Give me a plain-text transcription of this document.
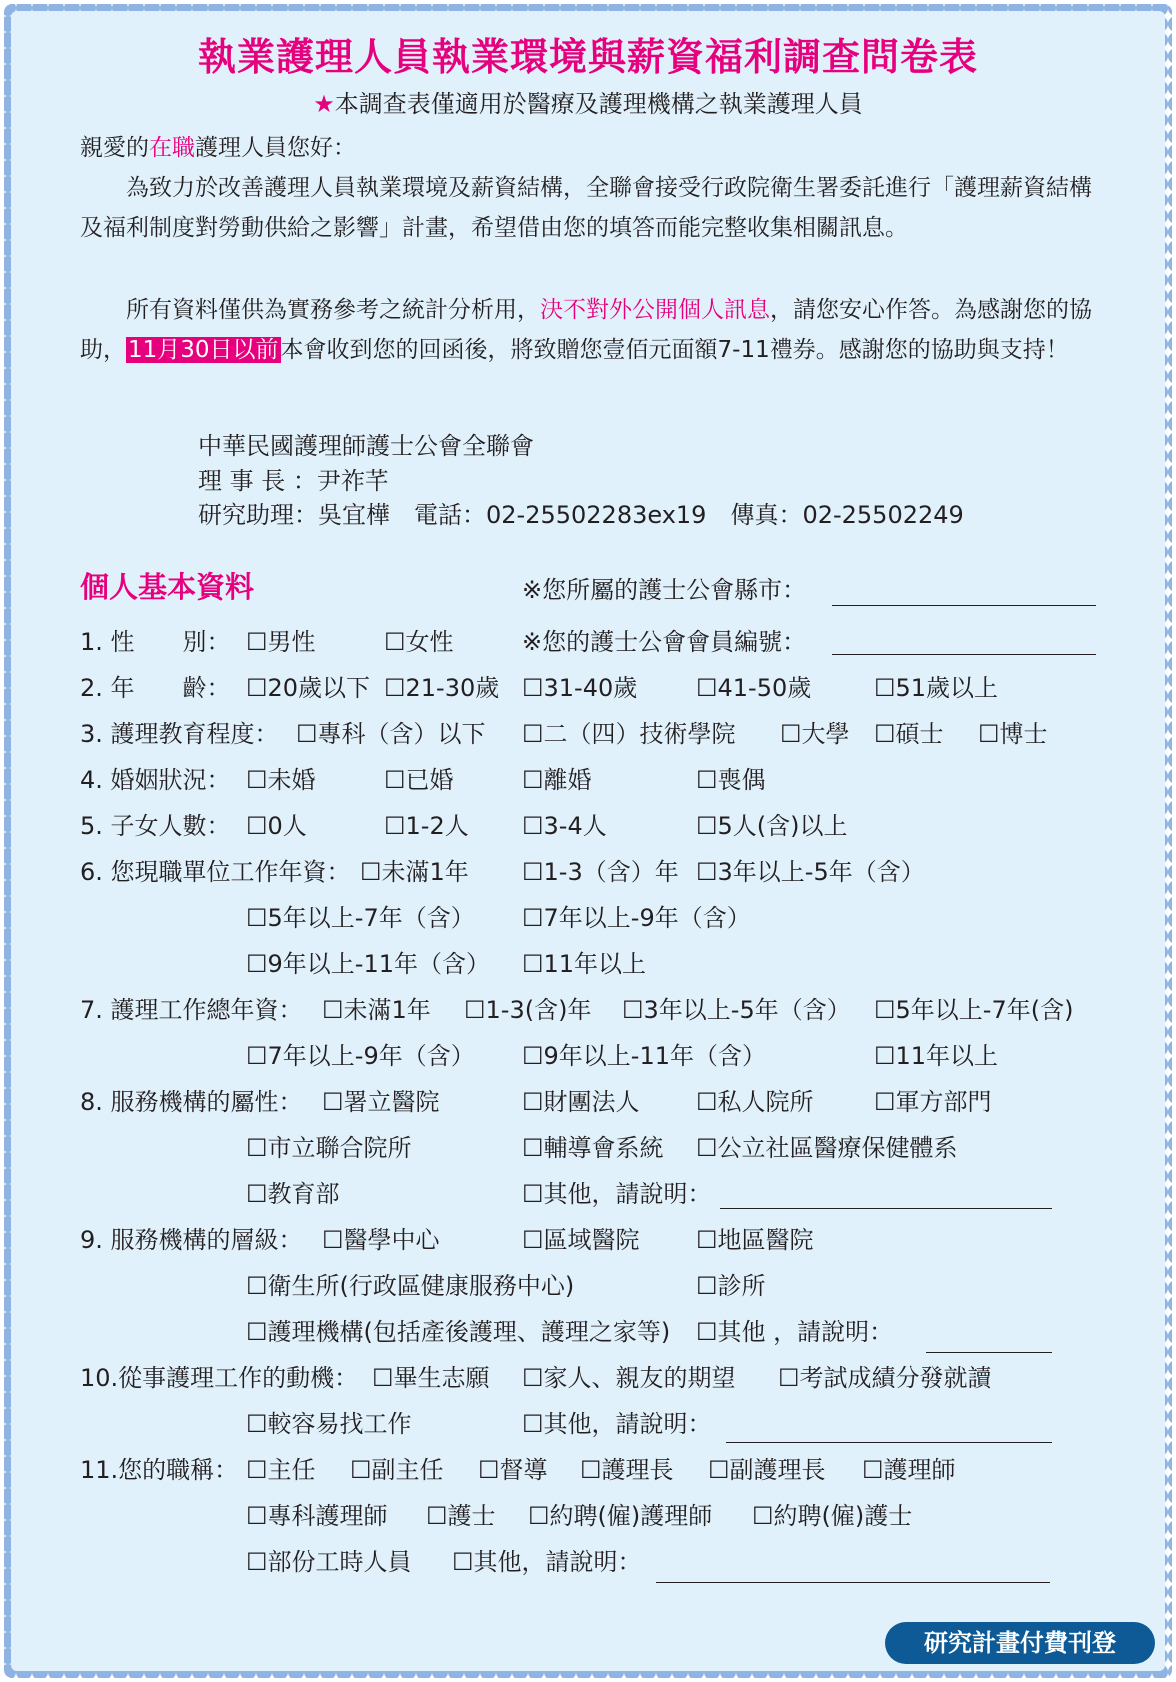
執業護理人員執業環境與薪資福利調查問卷表
★本調查表僅適用於醫療及護理機構之執業護理人員
親愛的在職護理人員您好：
　　為致力於改善護理人員執業環境及薪資結構，全聯會接受行政院衛生署委託進行「護理薪資結構及福利制度對勞動供給之影響」計畫，希望借由您的填答而能完整收集相關訊息。
　　所有資料僅供為實務參考之統計分析用，決不對外公開個人訊息，請您安心作答。為感謝您的協助，11月30日以前本會收到您的回函後，將致贈您壹佰元面額7-11禮券。感謝您的協助與支持！
中華民國護理師護士公會全聯會
理 事 長 ：尹祚芊
研究助理：吳宜樺　電話：02-25502283ex19　傳真：02-25502249
個人基本資料	※您所屬的護士公會縣市：
1. 性　　別： ☐男性	☐女性	※您的護士公會會員編號：
2. 年　　齡： ☐20歲以下 ☐21-30歲 ☐31-40歲 ☐41-50歲	☐51歲以上
3. 護理教育程度： ☐專科（含）以下 ☐二（四）技術學院 ☐大學 ☐碩士 ☐博士
4. 婚姻狀況： ☐未婚	☐已婚	☐離婚	☐喪偶
5. 子女人數： ☐0人	☐1-2人 ☐3-4人	☐5人(含)以上
6. 您現職單位工作年資： ☐未滿1年 ☐1-3（含）年 ☐3年以上-5年（含）
☐5年以上-7年（含） ☐7年以上-9年（含）
☐9年以上-11年（含） ☐11年以上
7. 護理工作總年資： ☐未滿1年 ☐1-3(含)年 ☐3年以上-5年（含） ☐5年以上-7年(含)
☐7年以上-9年（含） ☐9年以上-11年（含）	☐11年以上
8. 服務機構的屬性： ☐署立醫院	☐財團法人 ☐私人院所	☐軍方部門
☐市立聯合院所	☐輔導會系統 ☐公立社區醫療保健體系
☐教育部	☐其他，請說明：
9. 服務機構的層級： ☐醫學中心	☐區域醫院 ☐地區醫院
☐衛生所(行政區健康服務中心)	☐診所
☐護理機構(包括產後護理、護理之家等) ☐其他 ，請說明：
10.從事護理工作的動機： ☐畢生志願 ☐家人、親友的期望 ☐考試成績分發就讀
☐較容易找工作	☐其他，請說明：
11.您的職稱： ☐主任 ☐副主任 ☐督導 ☐護理長 ☐副護理長 ☐護理師
☐專科護理師 ☐護士 ☐約聘(僱)護理師 ☐約聘(僱)護士
☐部份工時人員 ☐其他，請說明：
研究計畫付費刊登
